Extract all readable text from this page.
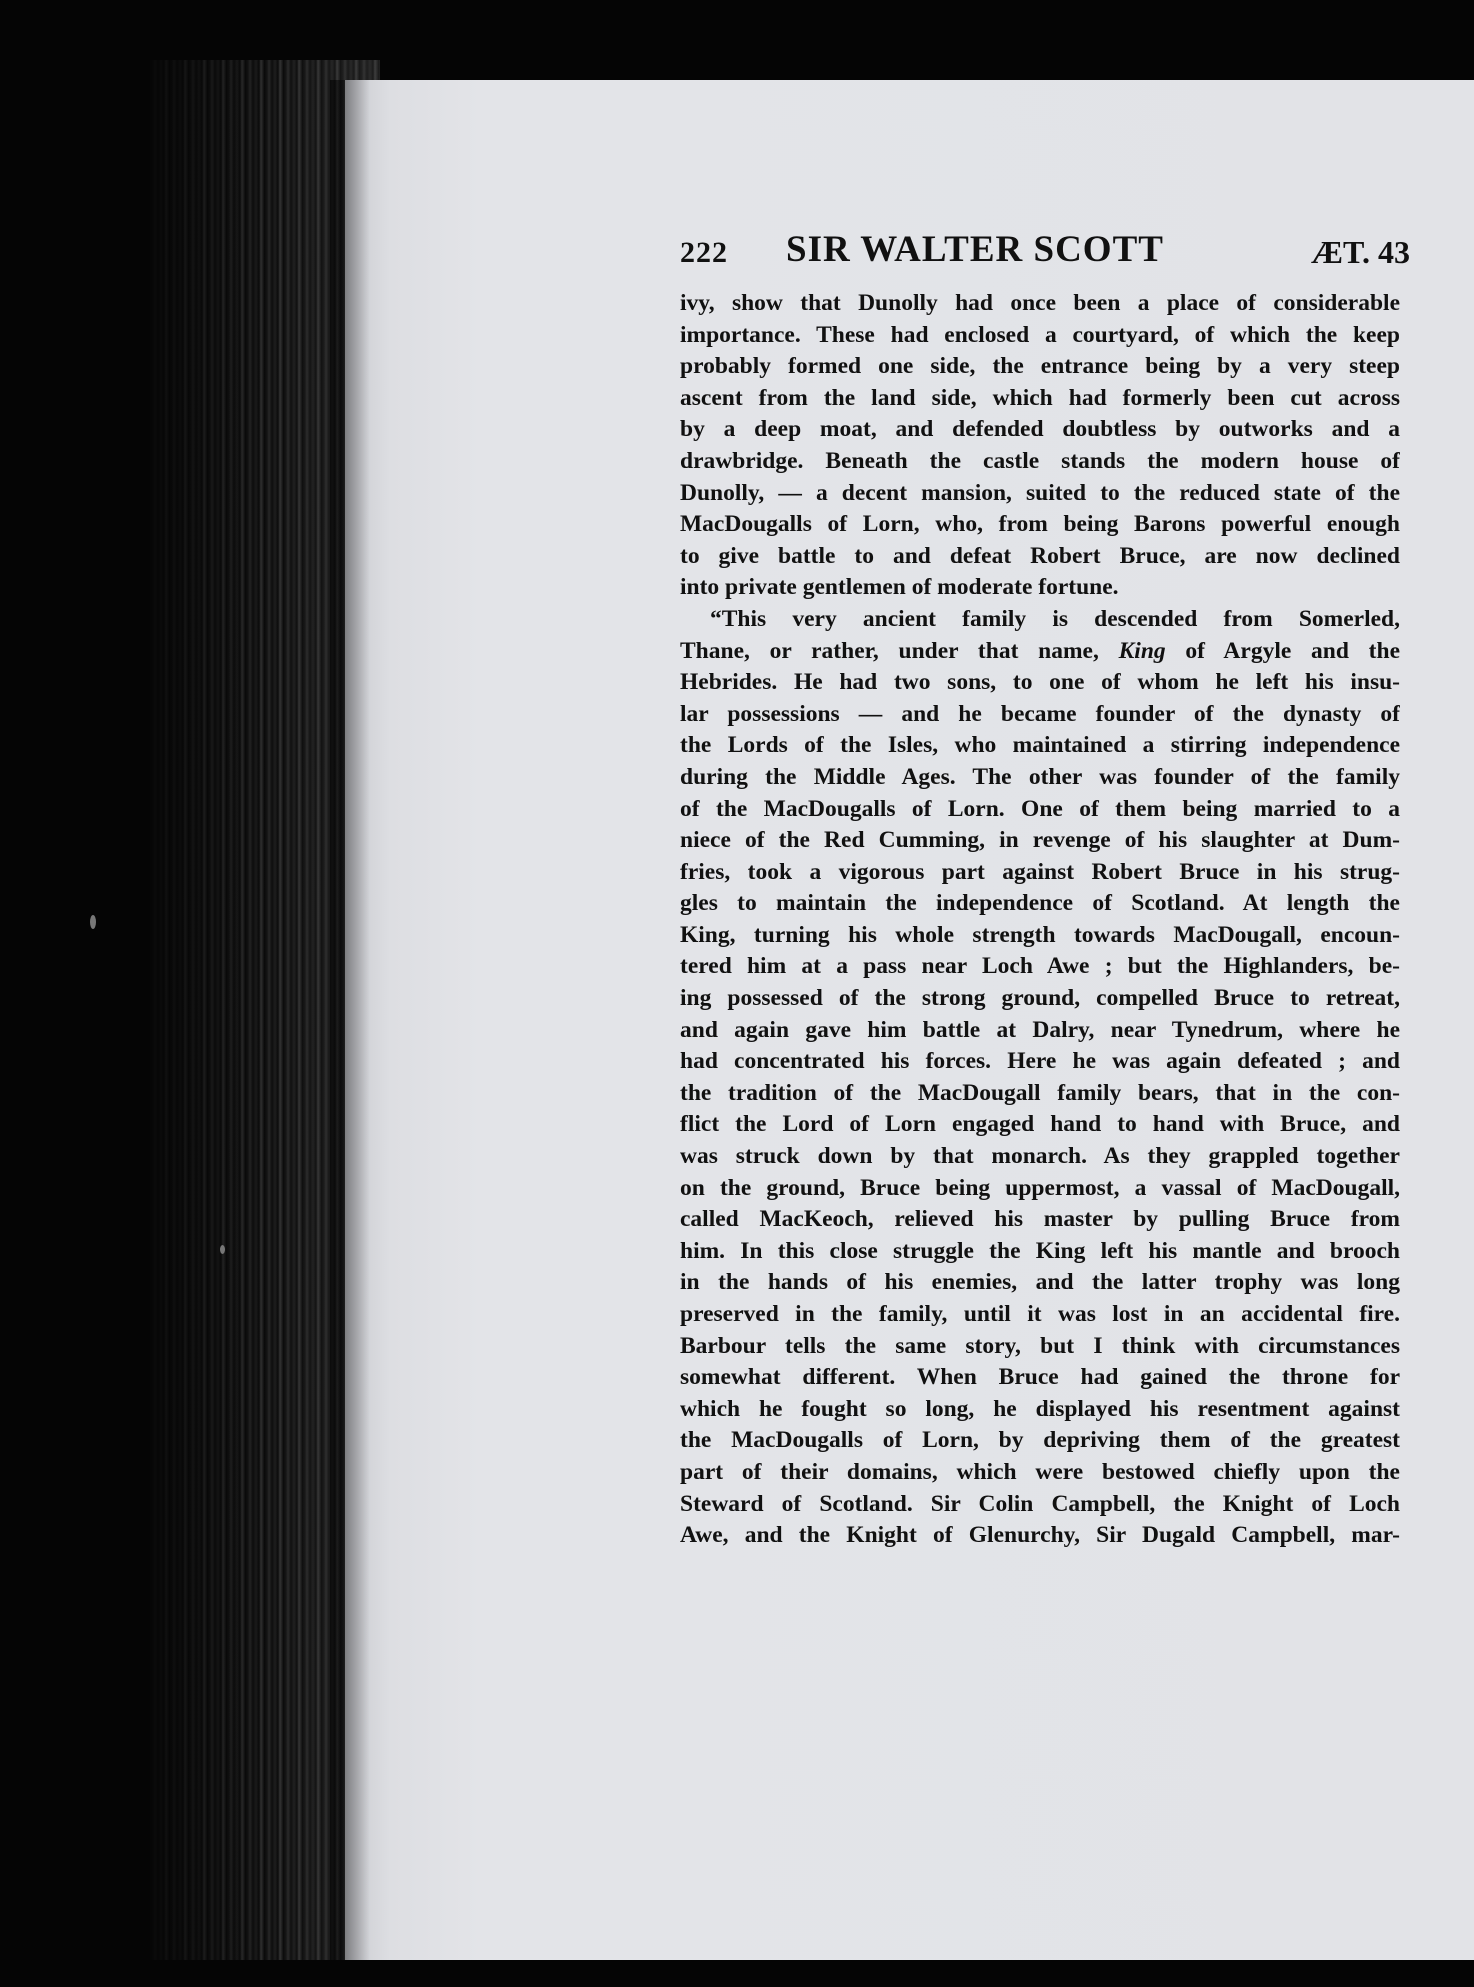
222 SIR WALTER SCOTT	ÆT. 43
ivy, show that Dunolly had once been a place of considerable
importance. These had enclosed a courtyard, of which the keep
probably formed one side, the entrance being by a very steep
ascent from the land side, which had formerly been cut across
by a deep moat, and defended doubtless by outworks and a
drawbridge. Beneath the castle stands the modern house of
Dunolly, — a decent mansion, suited to the reduced state of the
MacDougalls of Lorn, who, from being Barons powerful enough
to give battle to and defeat Robert Bruce, are now declined
into private gentlemen of moderate fortune.
“This very ancient family is descended from Somerled,
Thane, or rather, under that name, King of Argyle and the
Hebrides. He had two sons, to one of whom he left his insu-
lar possessions — and he became founder of the dynasty of
the Lords of the Isles, who maintained a stirring independence
during the Middle Ages. The other was founder of the family
of the MacDougalls of Lorn. One of them being married to a
niece of the Red Cumming, in revenge of his slaughter at Dum-
fries, took a vigorous part against Robert Bruce in his strug-
gles to maintain the independence of Scotland. At length the
King, turning his whole strength towards MacDougall, encoun-
tered him at a pass near Loch Awe ; but the Highlanders, be-
ing possessed of the strong ground, compelled Bruce to retreat,
and again gave him battle at Dalry, near Tynedrum, where he
had concentrated his forces. Here he was again defeated ; and
the tradition of the MacDougall family bears, that in the con-
flict the Lord of Lorn engaged hand to hand with Bruce, and
was struck down by that monarch. As they grappled together
on the ground, Bruce being uppermost, a vassal of MacDougall,
called MacKeoch, relieved his master by pulling Bruce from
him. In this close struggle the King left his mantle and brooch
in the hands of his enemies, and the latter trophy was long
preserved in the family, until it was lost in an accidental fire.
Barbour tells the same story, but I think with circumstances
somewhat different. When Bruce had gained the throne for
which he fought so long, he displayed his resentment against
the MacDougalls of Lorn, by depriving them of the greatest
part of their domains, which were bestowed chiefly upon the
Steward of Scotland. Sir Colin Campbell, the Knight of Loch
Awe, and the Knight of Glenurchy, Sir Dugald Campbell, mar-
